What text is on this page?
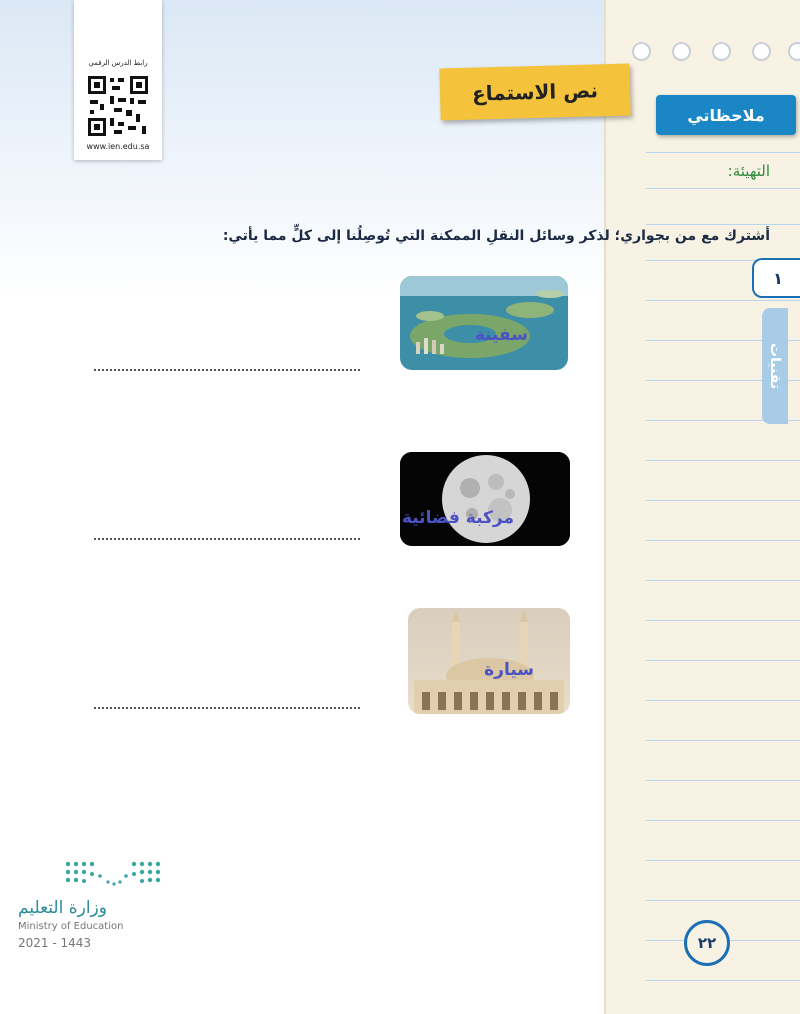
رابط الدرس الرقمي
www.ien.edu.sa
نص الاستماع
ملاحظاتي
١
تقنيات
التهيئة:
أشترك مع من بجواري؛ لذكر وسائل النقلِ الممكنة التي تُوصِلُنا إلى كلٍّ مما يأتي:
سفينة
مركبة فضائية
سيارة
وزارة التعليم
Ministry of Education
2021 - 1443	٢٢
